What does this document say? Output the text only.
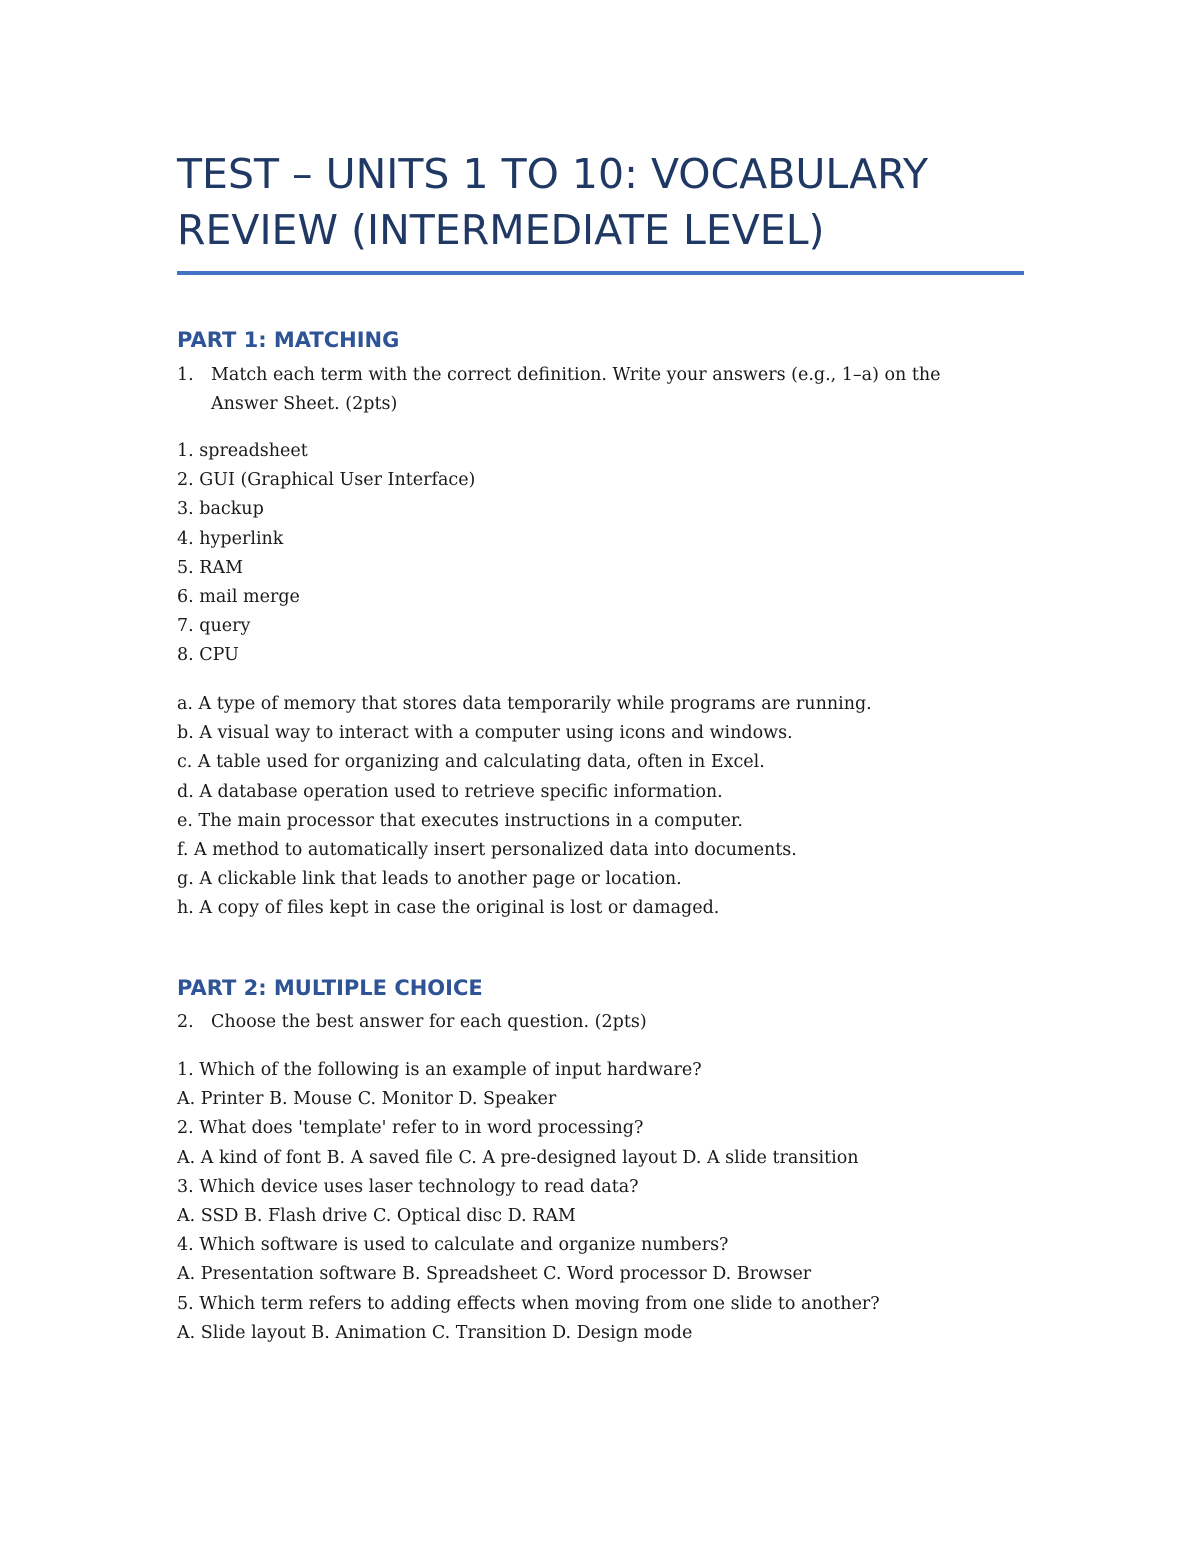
TEST – UNITS 1 TO 10: VOCABULARY REVIEW (INTERMEDIATE LEVEL)
PART 1: MATCHING
1. Match each term with the correct definition. Write your answers (e.g., 1–a) on the Answer Sheet. (2pts)
1. spreadsheet
2. GUI (Graphical User Interface)
3. backup
4. hyperlink
5. RAM
6. mail merge
7. query
8. CPU
a. A type of memory that stores data temporarily while programs are running.
b. A visual way to interact with a computer using icons and windows.
c. A table used for organizing and calculating data, often in Excel.
d. A database operation used to retrieve specific information.
e. The main processor that executes instructions in a computer.
f. A method to automatically insert personalized data into documents.
g. A clickable link that leads to another page or location.
h. A copy of files kept in case the original is lost or damaged.
PART 2: MULTIPLE CHOICE
2. Choose the best answer for each question. (2pts)
1. Which of the following is an example of input hardware?
A. Printer B. Mouse C. Monitor D. Speaker
2. What does 'template' refer to in word processing?
A. A kind of font B. A saved file C. A pre-designed layout D. A slide transition
3. Which device uses laser technology to read data?
A. SSD B. Flash drive C. Optical disc D. RAM
4. Which software is used to calculate and organize numbers?
A. Presentation software B. Spreadsheet C. Word processor D. Browser
5. Which term refers to adding effects when moving from one slide to another?
A. Slide layout B. Animation C. Transition D. Design mode
